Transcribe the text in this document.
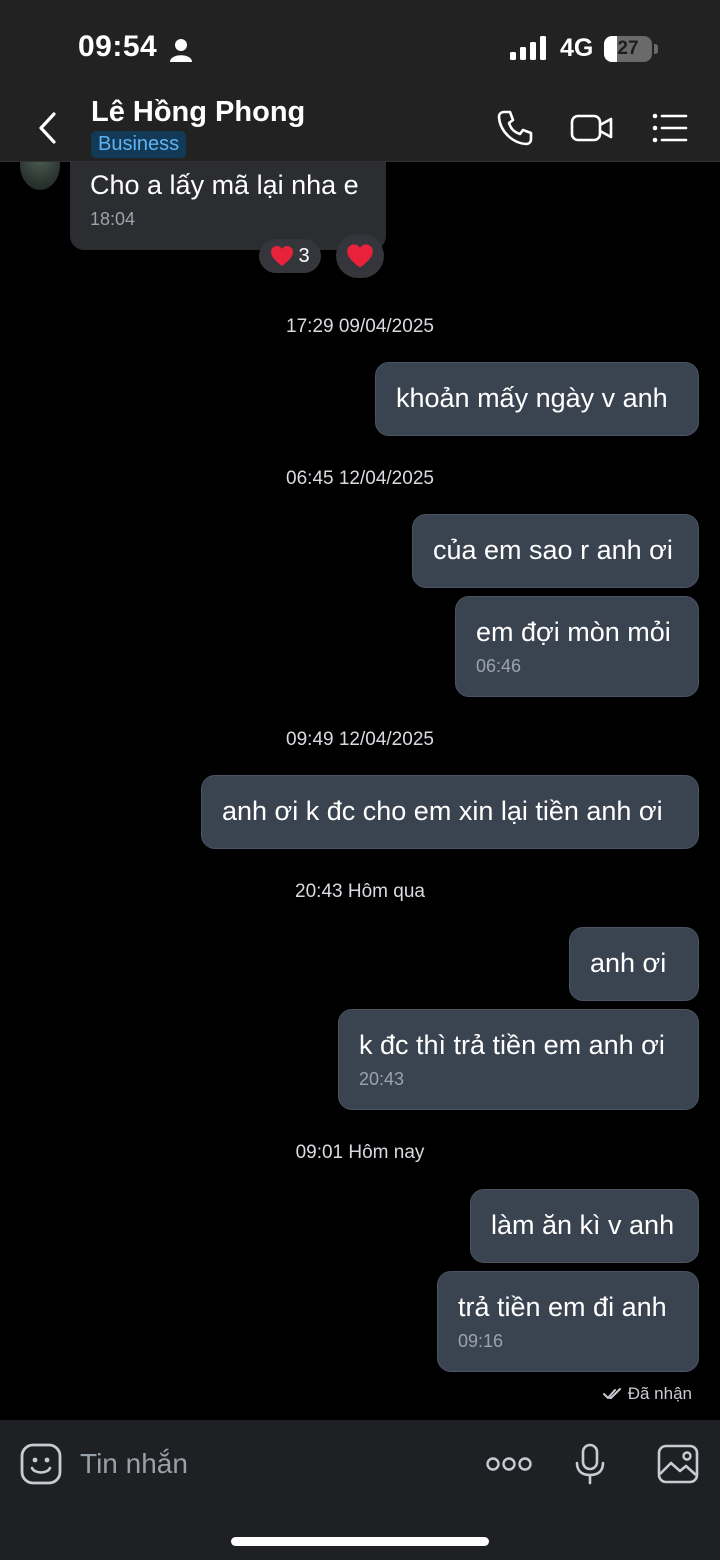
09:54	4G	27
Lê Hồng Phong
Business
Cho a lấy mã lại nha e
18:04
3
17:29 09/04/2025
khoản mấy ngày v anh
06:45 12/04/2025
của em sao r anh ơi
em đợi mòn mỏi
06:46
09:49 12/04/2025
anh ơi k đc cho em xin lại tiền anh ơi
20:43 Hôm qua
anh ơi
k đc thì trả tiền em anh ơi
20:43
09:01 Hôm nay
làm ăn kì v anh
trả tiền em đi anh
09:16
Đã nhận
Tin nhắn
